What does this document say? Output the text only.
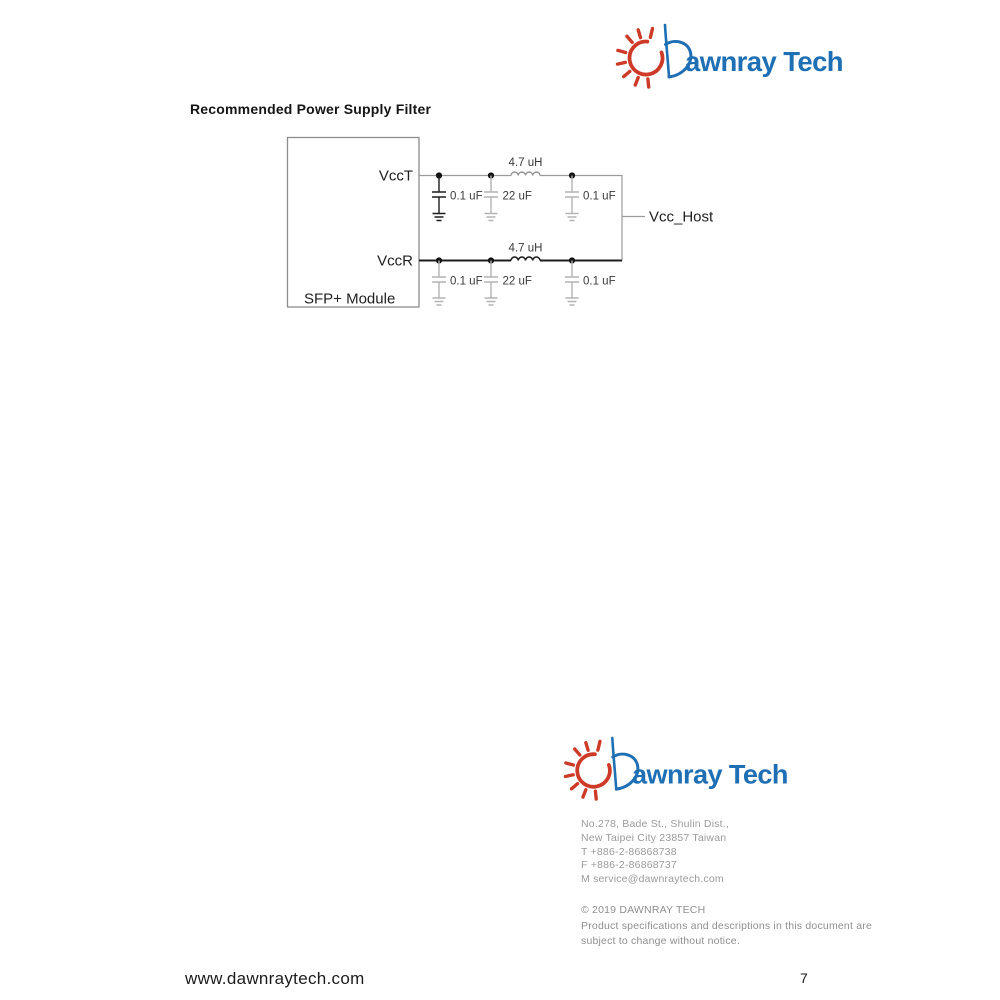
awnray Tech
Recommended Power Supply Filter
VccT
VccR
SFP+ Module
4.7 uH
0.1 uF 22 uF	0.1 uF
4.7 uH
0.1 uF 22 uF	0.1 uF
Vcc_Host
awnray Tech
No.278, Bade St., Shulin Dist.,
New Taipei City 23857 Taiwan
T +886-2-86868738
F +886-2-86868737
M service@dawnraytech.com
© 2019 DAWNRAY TECH
Product specifications and descriptions in this document are
subject to change without notice.
www.dawnraytech.com	7
